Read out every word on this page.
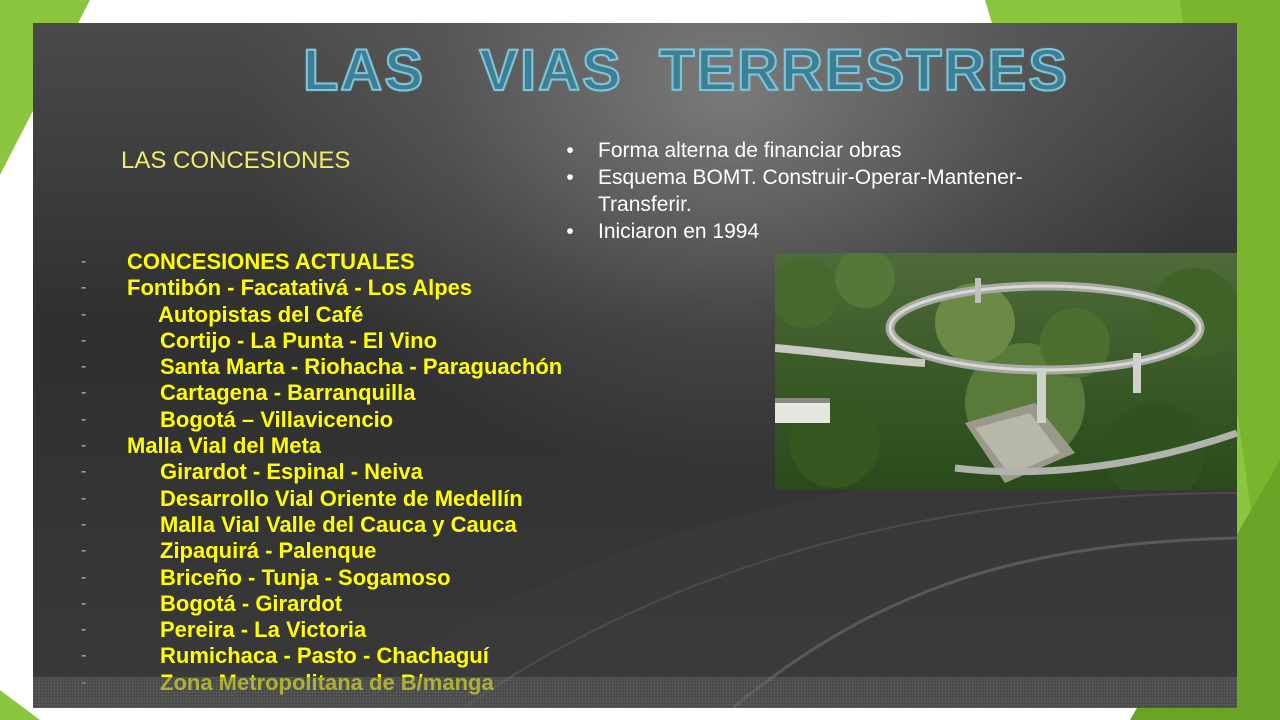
LAS   VIAS  TERRESTRES
LAS CONCESIONES	•	Forma alterna de financiar obras
•	Esquema BOMT. Construir-Operar-Mantener-Transferir.
•	Iniciaron en 1994
- CONCESIONES ACTUALES
- Fontibón - Facatativá - Los Alpes
-	Autopistas del Café
-	Cortijo - La Punta - El Vino
-	Santa Marta - Riohacha - Paraguachón
-	Cartagena - Barranquilla
-	Bogotá – Villavicencio
- Malla Vial del Meta
-	Girardot - Espinal - Neiva
-	Desarrollo Vial Oriente de Medellín
-	Malla Vial Valle del Cauca y Cauca
-	Zipaquirá - Palenque
-	Briceño - Tunja - Sogamoso
-	Bogotá - Girardot
-	Pereira - La Victoria
-	Rumichaca - Pasto - Chachaguí
